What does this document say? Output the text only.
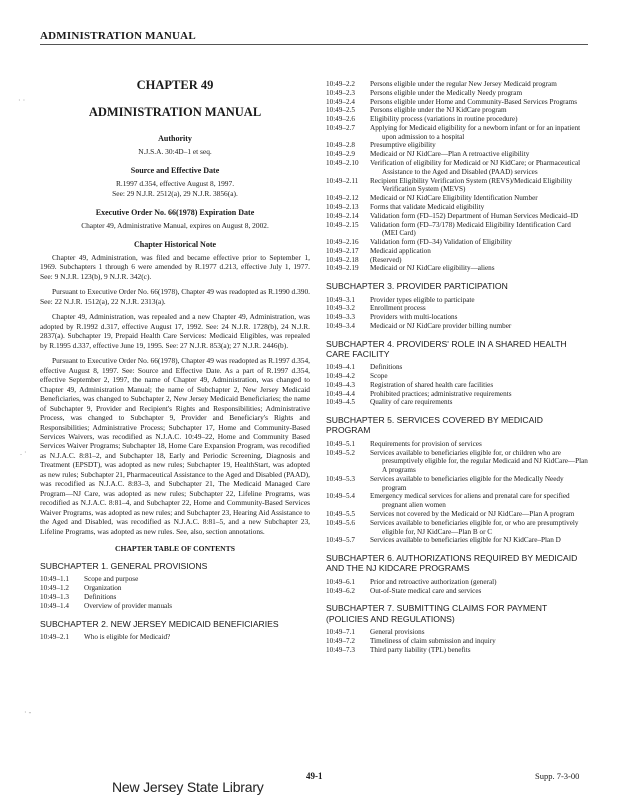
ADMINISTRATION MANUAL
· ·
. ·
· -
CHAPTER 49
ADMINISTRATION MANUAL
Authority
N.J.S.A. 30:4D–1 et seq.
Source and Effective Date
R.1997 d.354, effective August 8, 1997.
See: 29 N.J.R. 2512(a), 29 N.J.R. 3856(a).
Executive Order No. 66(1978) Expiration Date
Chapter 49, Administrative Manual, expires on August 8, 2002.
Chapter Historical Note

Chapter 49, Administration, was filed and became effective prior to September 1, 1969. Subchapters 1 through 6 were amended by R.1977 d.213, effective July 1, 1977. See: 9 N.J.R. 123(b), 9 N.J.R. 342(c).

Pursuant to Executive Order No. 66(1978), Chapter 49 was readopted as R.1990 d.390. See: 22 N.J.R. 1512(a), 22 N.J.R. 2313(a).

Chapter 49, Administration, was repealed and a new Chapter 49, Administration, was adopted by R.1992 d.317, effective August 17, 1992. See: 24 N.J.R. 1728(b), 24 N.J.R. 2837(a). Subchapter 19, Prepaid Health Care Services: Medicaid Eligibles, was repealed by R.1995 d.337, effective June 19, 1995. See: 27 N.J.R. 853(a); 27 N.J.R. 2446(b).

Pursuant to Executive Order No. 66(1978), Chapter 49 was readopted as R.1997 d.354, effective August 8, 1997. See: Source and Effective Date. As a part of R.1997 d.354, effective September 2, 1997, the name of Chapter 49, Administration, was changed to Chapter 49, Administration Manual; the name of Subchapter 2, New Jersey Medicaid Beneficiaries, was changed to Subchapter 2, New Jersey Medicaid Beneficiaries; the name of Subchapter 9, Provider and Recipient's Rights and Responsibilities; Administrative Process, was changed to Subchapter 9, Provider and Beneficiary's Rights and Responsibilities; Administrative Process; Subchapter 17, Home and Community-Based Services Waivers, was recodified as N.J.A.C. 10:49–22, Home and Community Based Services Waiver Programs; Subchapter 18, Home Care Expansion Program, was recodified as N.J.A.C. 8:81–2, and Subchapter 18, Early and Periodic Screening, Diagnosis and Treatment (EPSDT), was adopted as new rules; Subchapter 19, HealthStart, was adopted as new rules; Subchapter 21, Pharmaceutical Assistance to the Aged and Disabled (PAAD), was recodified as N.J.A.C. 8:83–3, and Subchapter 21, The Medicaid Managed Care Program—NJ Care, was adopted as new rules; Subchapter 22, Lifeline Programs, was recodified as N.J.A.C. 8:81–4, and Subchapter 22, Home and Community-Based Services Waiver Programs, was adopted as new rules; and Subchapter 23, Hearing Aid Assistance to the Aged and Disabled, was recodified as N.J.A.C. 8:81–5, and a new Subchapter 23, Lifeline Programs, was adopted as new rules. See, also, section annotations.

CHAPTER TABLE OF CONTENTS
SUBCHAPTER 1. GENERAL PROVISIONS
10:49–1.1	Scope and purpose
10:49–1.2	Organization
10:49–1.3	Definitions
10:49–1.4	Overview of provider manuals
SUBCHAPTER 2. NEW JERSEY MEDICAID BENEFICIARIES
10:49–2.1	Who is eligible for Medicaid?
10:49–2.2	Persons eligible under the regular New Jersey Medicaid program
10:49–2.3	Persons eligible under the Medically Needy program
10:49–2.4	Persons eligible under Home and Community-Based Services Programs
10:49–2.5	Persons eligible under the NJ KidCare program
10:49–2.6	Eligibility process (variations in routine procedure)
10:49–2.7	Applying for Medicaid eligibility for a newborn infant or for an inpatient upon admission to a hospital
10:49–2.8	Presumptive eligibility
10:49–2.9	Medicaid or NJ KidCare—Plan A retroactive eligibility
10:49–2.10	Verification of eligibility for Medicaid or NJ KidCare; or Pharmaceutical Assistance to the Aged and Disabled (PAAD) services
10:49–2.11	Recipient Eligibility Verification System (REVS)/Medicaid Eligibility Verification System (MEVS)
10:49–2.12	Medicaid or NJ KidCare Eligibility Identification Number
10:49–2.13	Forms that validate Medicaid eligibility
10:49–2.14	Validation form (FD–152) Department of Human Services Medicaid–ID
10:49–2.15	Validation form (FD–73/178) Medicaid Eligibility Identification Card (MEI Card)
10:49–2.16	Validation form (FD–34) Validation of Eligibility
10:49–2.17	Medicaid application
10:49–2.18	(Reserved)
10:49–2.19	Medicaid or NJ KidCare eligibility—aliens
SUBCHAPTER 3. PROVIDER PARTICIPATION
10:49–3.1	Provider types eligible to participate
10:49–3.2	Enrollment process
10:49–3.3	Providers with multi-locations
10:49–3.4	Medicaid or NJ KidCare provider billing number
SUBCHAPTER 4. PROVIDERS' ROLE IN A SHARED HEALTH CARE FACILITY
10:49–4.1	Definitions
10:49–4.2	Scope
10:49–4.3	Registration of shared health care facilities
10:49–4.4	Prohibited practices; administrative requirements
10:49–4.5	Quality of care requirements
SUBCHAPTER 5. SERVICES COVERED BY MEDICAID PROGRAM
10:49–5.1	Requirements for provision of services
10:49–5.2	Services available to beneficiaries eligible for, or children who are presumptively eligible for, the regular Medicaid and NJ KidCare—Plan A programs
10:49–5.3	Services available to beneficiaries eligible for the Medically Needy program
10:49–5.4	Emergency medical services for aliens and prenatal care for specified pregnant alien women
10:49–5.5	Services not covered by the Medicaid or NJ KidCare—Plan A program
10:49–5.6	Services available to beneficiaries eligible for, or who are presumptively eligible for, NJ KidCare—Plan B or C
10:49–5.7	Services available to beneficiaries eligible for NJ KidCare–Plan D
SUBCHAPTER 6. AUTHORIZATIONS REQUIRED BY MEDICAID AND THE NJ KIDCARE PROGRAMS
10:49–6.1	Prior and retroactive authorization (general)
10:49–6.2	Out-of-State medical care and services
SUBCHAPTER 7. SUBMITTING CLAIMS FOR PAYMENT (POLICIES AND REGULATIONS)
10:49–7.1	General provisions
10:49–7.2	Timeliness of claim submission and inquiry
10:49–7.3	Third party liability (TPL) benefits
New Jersey State Library
49-1	Supp. 7-3-00
